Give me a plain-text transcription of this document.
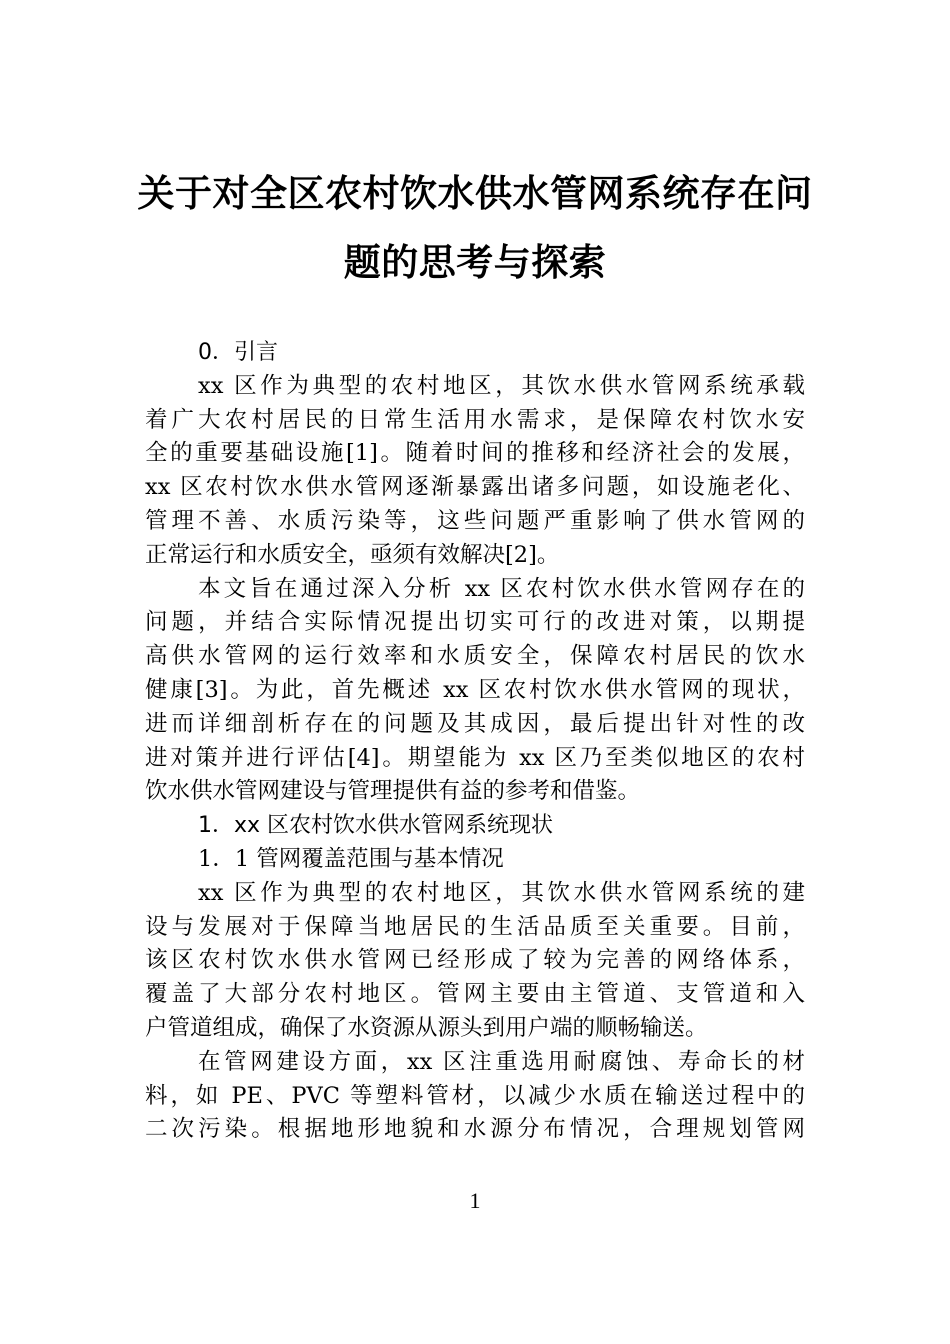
关于对全区农村饮水供水管网系统存在问
题的思考与探索
0．引言
xx 区作为典型的农村地区，其饮水供水管网系统承载
着广大农村居民的日常生活用水需求，是保障农村饮水安
全的重要基础设施[1]。随着时间的推移和经济社会的发展，
xx 区农村饮水供水管网逐渐暴露出诸多问题，如设施老化、
管理不善、水质污染等，这些问题严重影响了供水管网的
正常运行和水质安全，亟须有效解决[2]。
本文旨在通过深入分析 xx 区农村饮水供水管网存在的
问题，并结合实际情况提出切实可行的改进对策，以期提
高供水管网的运行效率和水质安全，保障农村居民的饮水
健康[3]。为此，首先概述 xx 区农村饮水供水管网的现状，
进而详细剖析存在的问题及其成因，最后提出针对性的改
进对策并进行评估[4]。期望能为 xx 区乃至类似地区的农村
饮水供水管网建设与管理提供有益的参考和借鉴。
1．xx 区农村饮水供水管网系统现状
1．1 管网覆盖范围与基本情况
xx 区作为典型的农村地区，其饮水供水管网系统的建
设与发展对于保障当地居民的生活品质至关重要。目前，
该区农村饮水供水管网已经形成了较为完善的网络体系，
覆盖了大部分农村地区。管网主要由主管道、支管道和入
户管道组成，确保了水资源从源头到用户端的顺畅输送。
在管网建设方面，xx 区注重选用耐腐蚀、寿命长的材
料，如 PE、PVC 等塑料管材，以减少水质在输送过程中的
二次污染。根据地形地貌和水源分布情况，合理规划管网
1
